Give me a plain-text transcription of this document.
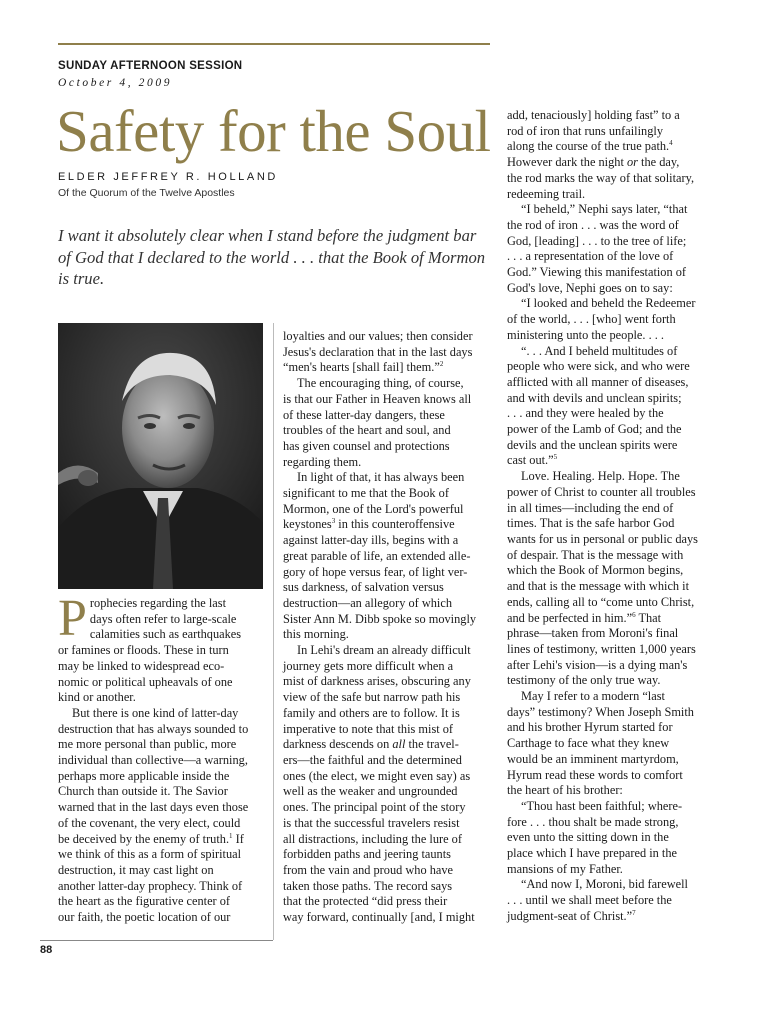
SUNDAY AFTERNOON SESSION
October 4, 2009
Safety for the Soul
ELDER JEFFREY R. HOLLAND
Of the Quorum of the Twelve Apostles

I want it absolutely clear when I stand before the judgment bar of God that I declared to the world . . . that the Book of Mormon is true.

Prophecies regarding the last
days often refer to large-scale
calamities such as earthquakes
or famines or floods. These in turn
may be linked to widespread eco-
nomic or political upheavals of one
kind or another.

But there is one kind of latter-day
destruction that has always sounded to
me more personal than public, more
individual than collective—a warning,
perhaps more applicable inside the
Church than outside it. The Savior
warned that in the last days even those
of the covenant, the very elect, could
be deceived by the enemy of truth.$^1$ If
we think of this as a form of spiritual
destruction, it may cast light on
another latter-day prophecy. Think of
the heart as the figurative center of
our faith, the poetic location of our

loyalties and our values; then consider
Jesus's declaration that in the last days
“men's hearts [shall fail] them.”$^2$

The encouraging thing, of course,
is that our Father in Heaven knows all
of these latter-day dangers, these
troubles of the heart and soul, and
has given counsel and protections
regarding them.

In light of that, it has always been
significant to me that the Book of
Mormon, one of the Lord's powerful
keystones$^3$ in this counteroffensive
against latter-day ills, begins with a
great parable of life, an extended alle-
gory of hope versus fear, of light ver-
sus darkness, of salvation versus
destruction—an allegory of which
Sister Ann M. Dibb spoke so movingly
this morning.

In Lehi's dream an already difficult
journey gets more difficult when a
mist of darkness arises, obscuring any
view of the safe but narrow path his
family and others are to follow. It is
imperative to note that this mist of
darkness descends on all the travel-
ers—the faithful and the determined
ones (the elect, we might even say) as
well as the weaker and ungrounded
ones. The principal point of the story
is that the successful travelers resist
all distractions, including the lure of
forbidden paths and jeering taunts
from the vain and proud who have
taken those paths. The record says
that the protected “did press their
way forward, continually [and, I might

add, tenaciously] holding fast” to a
rod of iron that runs unfailingly
along the course of the true path.$^4$
However dark the night or the day,
the rod marks the way of that solitary,
redeeming trail.

“I beheld,” Nephi says later, “that
the rod of iron . . . was the word of
God, [leading] . . . to the tree of life;
. . . a representation of the love of
God.” Viewing this manifestation of
God's love, Nephi goes on to say:

“I looked and beheld the Redeemer
of the world, . . . [who] went forth
ministering unto the people. . . .

“. . . And I beheld multitudes of
people who were sick, and who were
afflicted with all manner of diseases,
and with devils and unclean spirits;
. . . and they were healed by the
power of the Lamb of God; and the
devils and the unclean spirits were
cast out.”$^5$

Love. Healing. Help. Hope. The
power of Christ to counter all troubles
in all times—including the end of
times. That is the safe harbor God
wants for us in personal or public days
of despair. That is the message with
which the Book of Mormon begins,
and that is the message with which it
ends, calling all to “come unto Christ,
and be perfected in him.”$^6$ That
phrase—taken from Moroni's final
lines of testimony, written 1,000 years
after Lehi's vision—is a dying man's
testimony of the only true way.

May I refer to a modern “last
days” testimony? When Joseph Smith
and his brother Hyrum started for
Carthage to face what they knew
would be an imminent martyrdom,
Hyrum read these words to comfort
the heart of his brother:

“Thou hast been faithful; where-
fore . . . thou shalt be made strong,
even unto the sitting down in the
place which I have prepared in the
mansions of my Father.

“And now I, Moroni, bid farewell
. . . until we shall meet before the
judgment-seat of Christ.”$^7$

88
